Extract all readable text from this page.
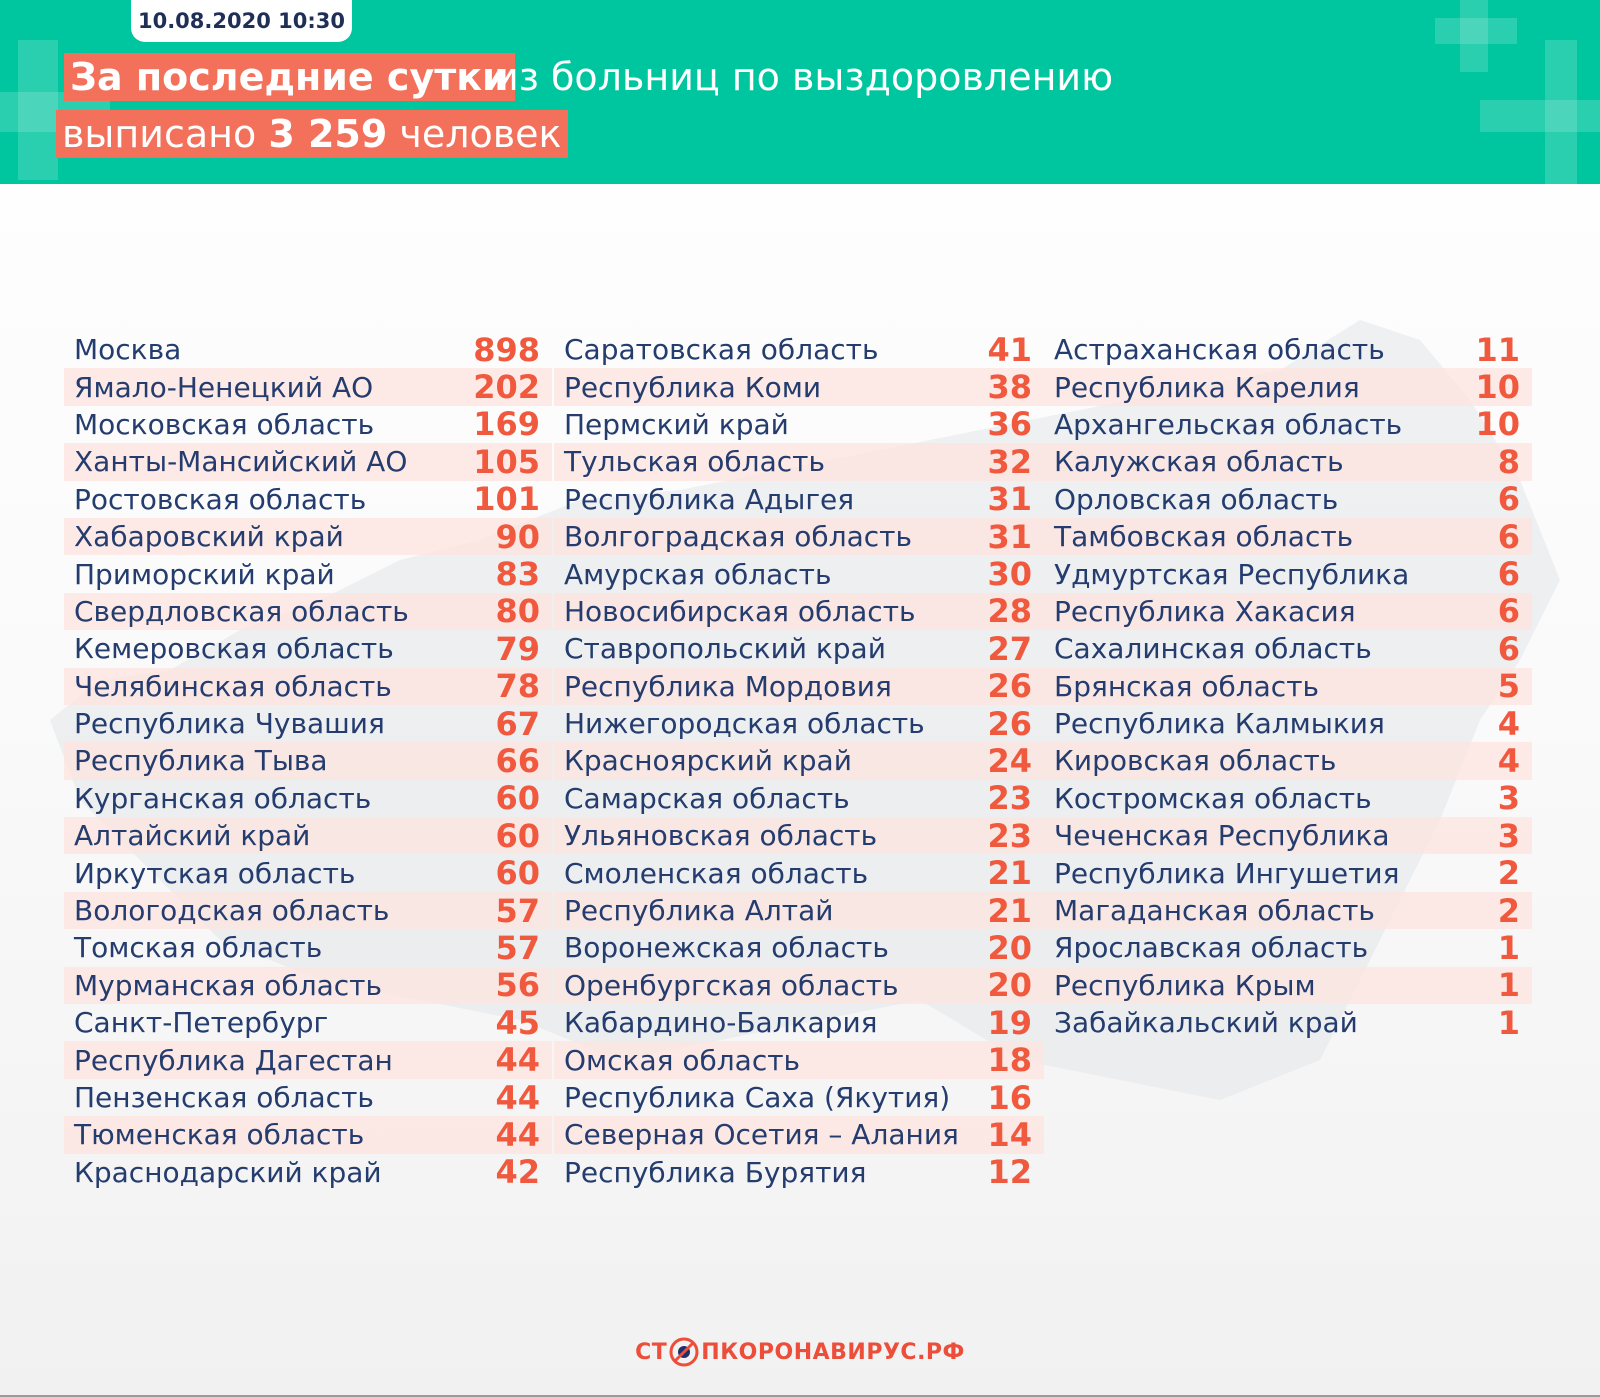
10.08.2020 10:30
За последние сутки
из больниц по выздоровлению
выписано 3 259 человек
Москва	898
Ямало-Ненецкий АО	202
Московская область	169
Ханты-Мансийский АО 105
Ростовская область	101
Хабаровский край	90
Приморский край	83
Свердловская область	80
Кемеровская область	79
Челябинская область	78
Республика Чувашия	67
Республика Тыва	66
Курганская область	60
Алтайский край	60
Иркутская область	60
Вологодская область	57
Томская область	57
Мурманская область	56
Санкт-Петербург	45
Республика Дагестан	44
Пензенская область	44
Тюменская область	44
Краснодарский край	42
Саратовская область	41
Республика Коми	38
Пермский край	36
Тульская область	32
Республика Адыгея	31
Волгоградская область 31
Амурская область	30
Новосибирская область 28
Ставропольский край	27
Республика Мордовия	26
Нижегородская область 26
Красноярский край	24
Самарская область	23
Ульяновская область	23
Смоленская область	21
Республика Алтай	21
Воронежская область	20
Оренбургская область	20
Кабардино-Балкария	19
Омская область	18
Республика Саха (Якутия) 16
Северная Осетия – Алания 14
Республика Бурятия	12
Астраханская область	11
Республика Карелия	10
Архангельская область 10
Калужская область	8
Орловская область	6
Тамбовская область	6
Удмуртская Республика	6
Республика Хакасия	6
Сахалинская область	6
Брянская область	5
Республика Калмыкия	4
Кировская область	4
Костромская область	3
Чеченская Республика	3
Республика Ингушетия	2
Магаданская область	2
Ярославская область	1
Республика Крым	1
Забайкальский край	1
СТ ПКОРОНАВИРУС .РФ
